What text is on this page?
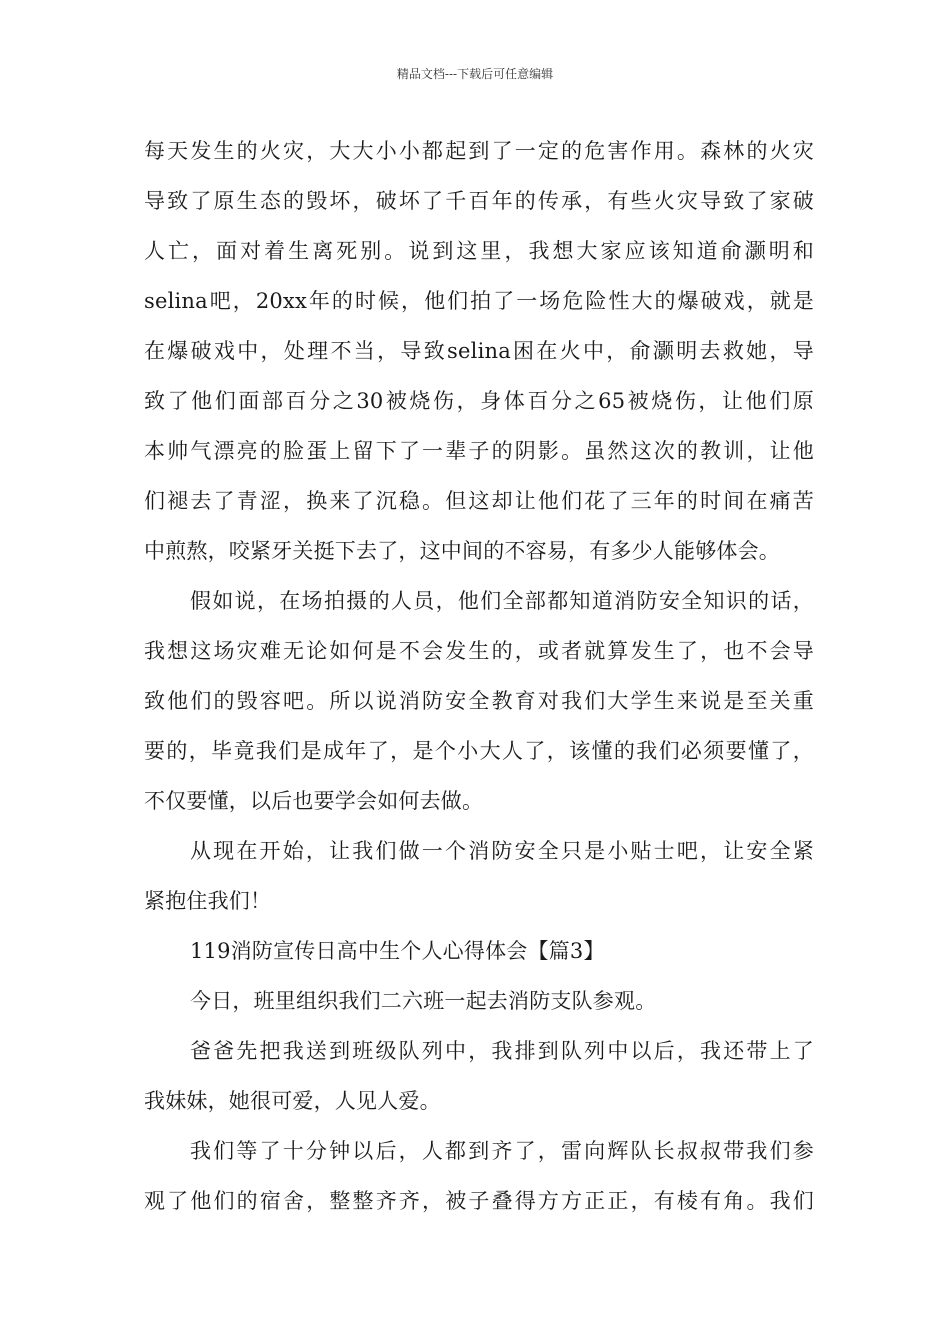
精品文档---下载后可任意编辑
每天发生的火灾，大大小小都起到了一定的危害作用。森林的火灾
导致了原生态的毁坏，破坏了千百年的传承，有些火灾导致了家破
人亡，面对着生离死别。说到这里，我想大家应该知道俞灏明和
selina吧，20xx年的时候，他们拍了一场危险性大的爆破戏，就是
在爆破戏中，处理不当，导致selina困在火中，俞灏明去救她，导
致了他们面部百分之30被烧伤，身体百分之65被烧伤，让他们原
本帅气漂亮的脸蛋上留下了一辈子的阴影。虽然这次的教训，让他
们褪去了青涩，换来了沉稳。但这却让他们花了三年的时间在痛苦
中煎熬，咬紧牙关挺下去了，这中间的不容易，有多少人能够体会。
假如说，在场拍摄的人员，他们全部都知道消防安全知识的话，
我想这场灾难无论如何是不会发生的，或者就算发生了，也不会导
致他们的毁容吧。所以说消防安全教育对我们大学生来说是至关重
要的，毕竟我们是成年了，是个小大人了，该懂的我们必须要懂了，
不仅要懂，以后也要学会如何去做。
从现在开始，让我们做一个消防安全只是小贴士吧，让安全紧
紧抱住我们！
119消防宣传日高中生个人心得体会【篇3】
今日，班里组织我们二六班一起去消防支队参观。
爸爸先把我送到班级队列中，我排到队列中以后，我还带上了
我妹妹，她很可爱，人见人爱。
我们等了十分钟以后，人都到齐了，雷向辉队长叔叔带我们参
观了他们的宿舍，整整齐齐，被子叠得方方正正，有棱有角。我们
